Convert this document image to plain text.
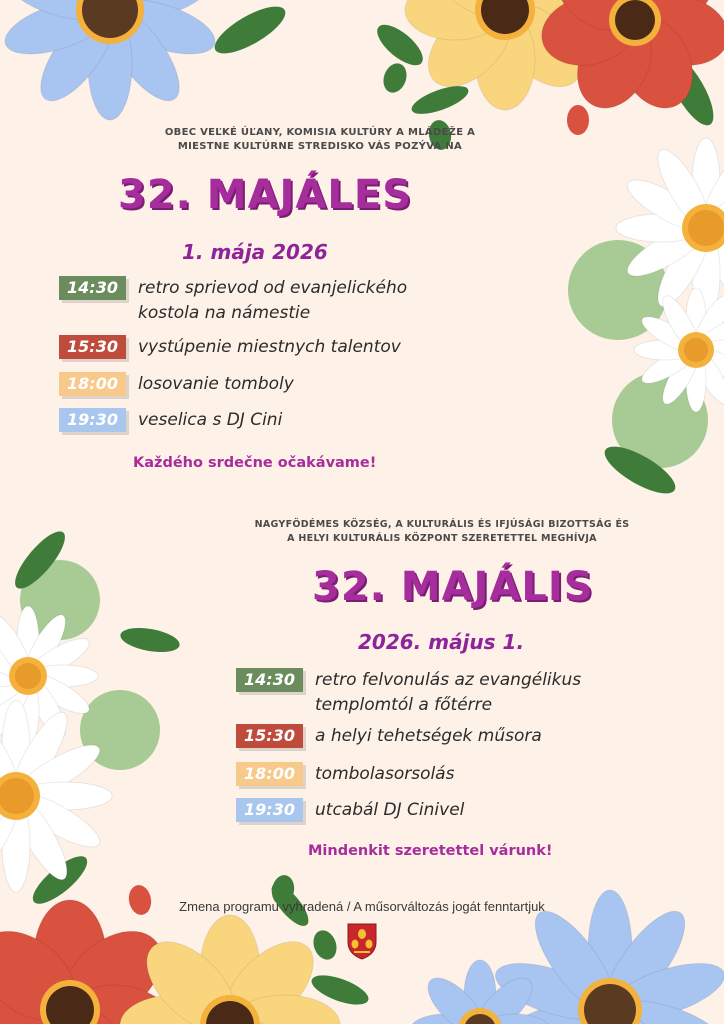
OBEC VEĽKÉ ÚĽANY, KOMISIA KULTÚRY A MLÁDEŽE A
MIESTNE KULTÚRNE STREDISKO VÁS POZÝVA NA
32. MAJÁLES
1. mája 2026
14:30	retro sprievod od evanjelického kostola na námestie
15:30	vystúpenie miestnych talentov
18:00	losovanie tomboly
19:30	veselica s DJ Cini
Každého srdečne očakávame!
NAGYFÖDÉMES KÖZSÉG, A KULTURÁLIS ÉS IFJÚSÁGI BIZOTTSÁG ÉS
A HELYI KULTURÁLIS KÖZPONT SZERETETTEL MEGHÍVJA
32. MAJÁLIS
2026. május 1.
14:30	retro felvonulás az evangélikus templomtól a főtérre
15:30	a helyi tehetségek műsora
18:00	tombolasorsolás
19:30	utcabál DJ Cinivel
Mindenkit szeretettel várunk!
Zmena programu vyhradená / A műsorváltozás jogát fenntartjuk
